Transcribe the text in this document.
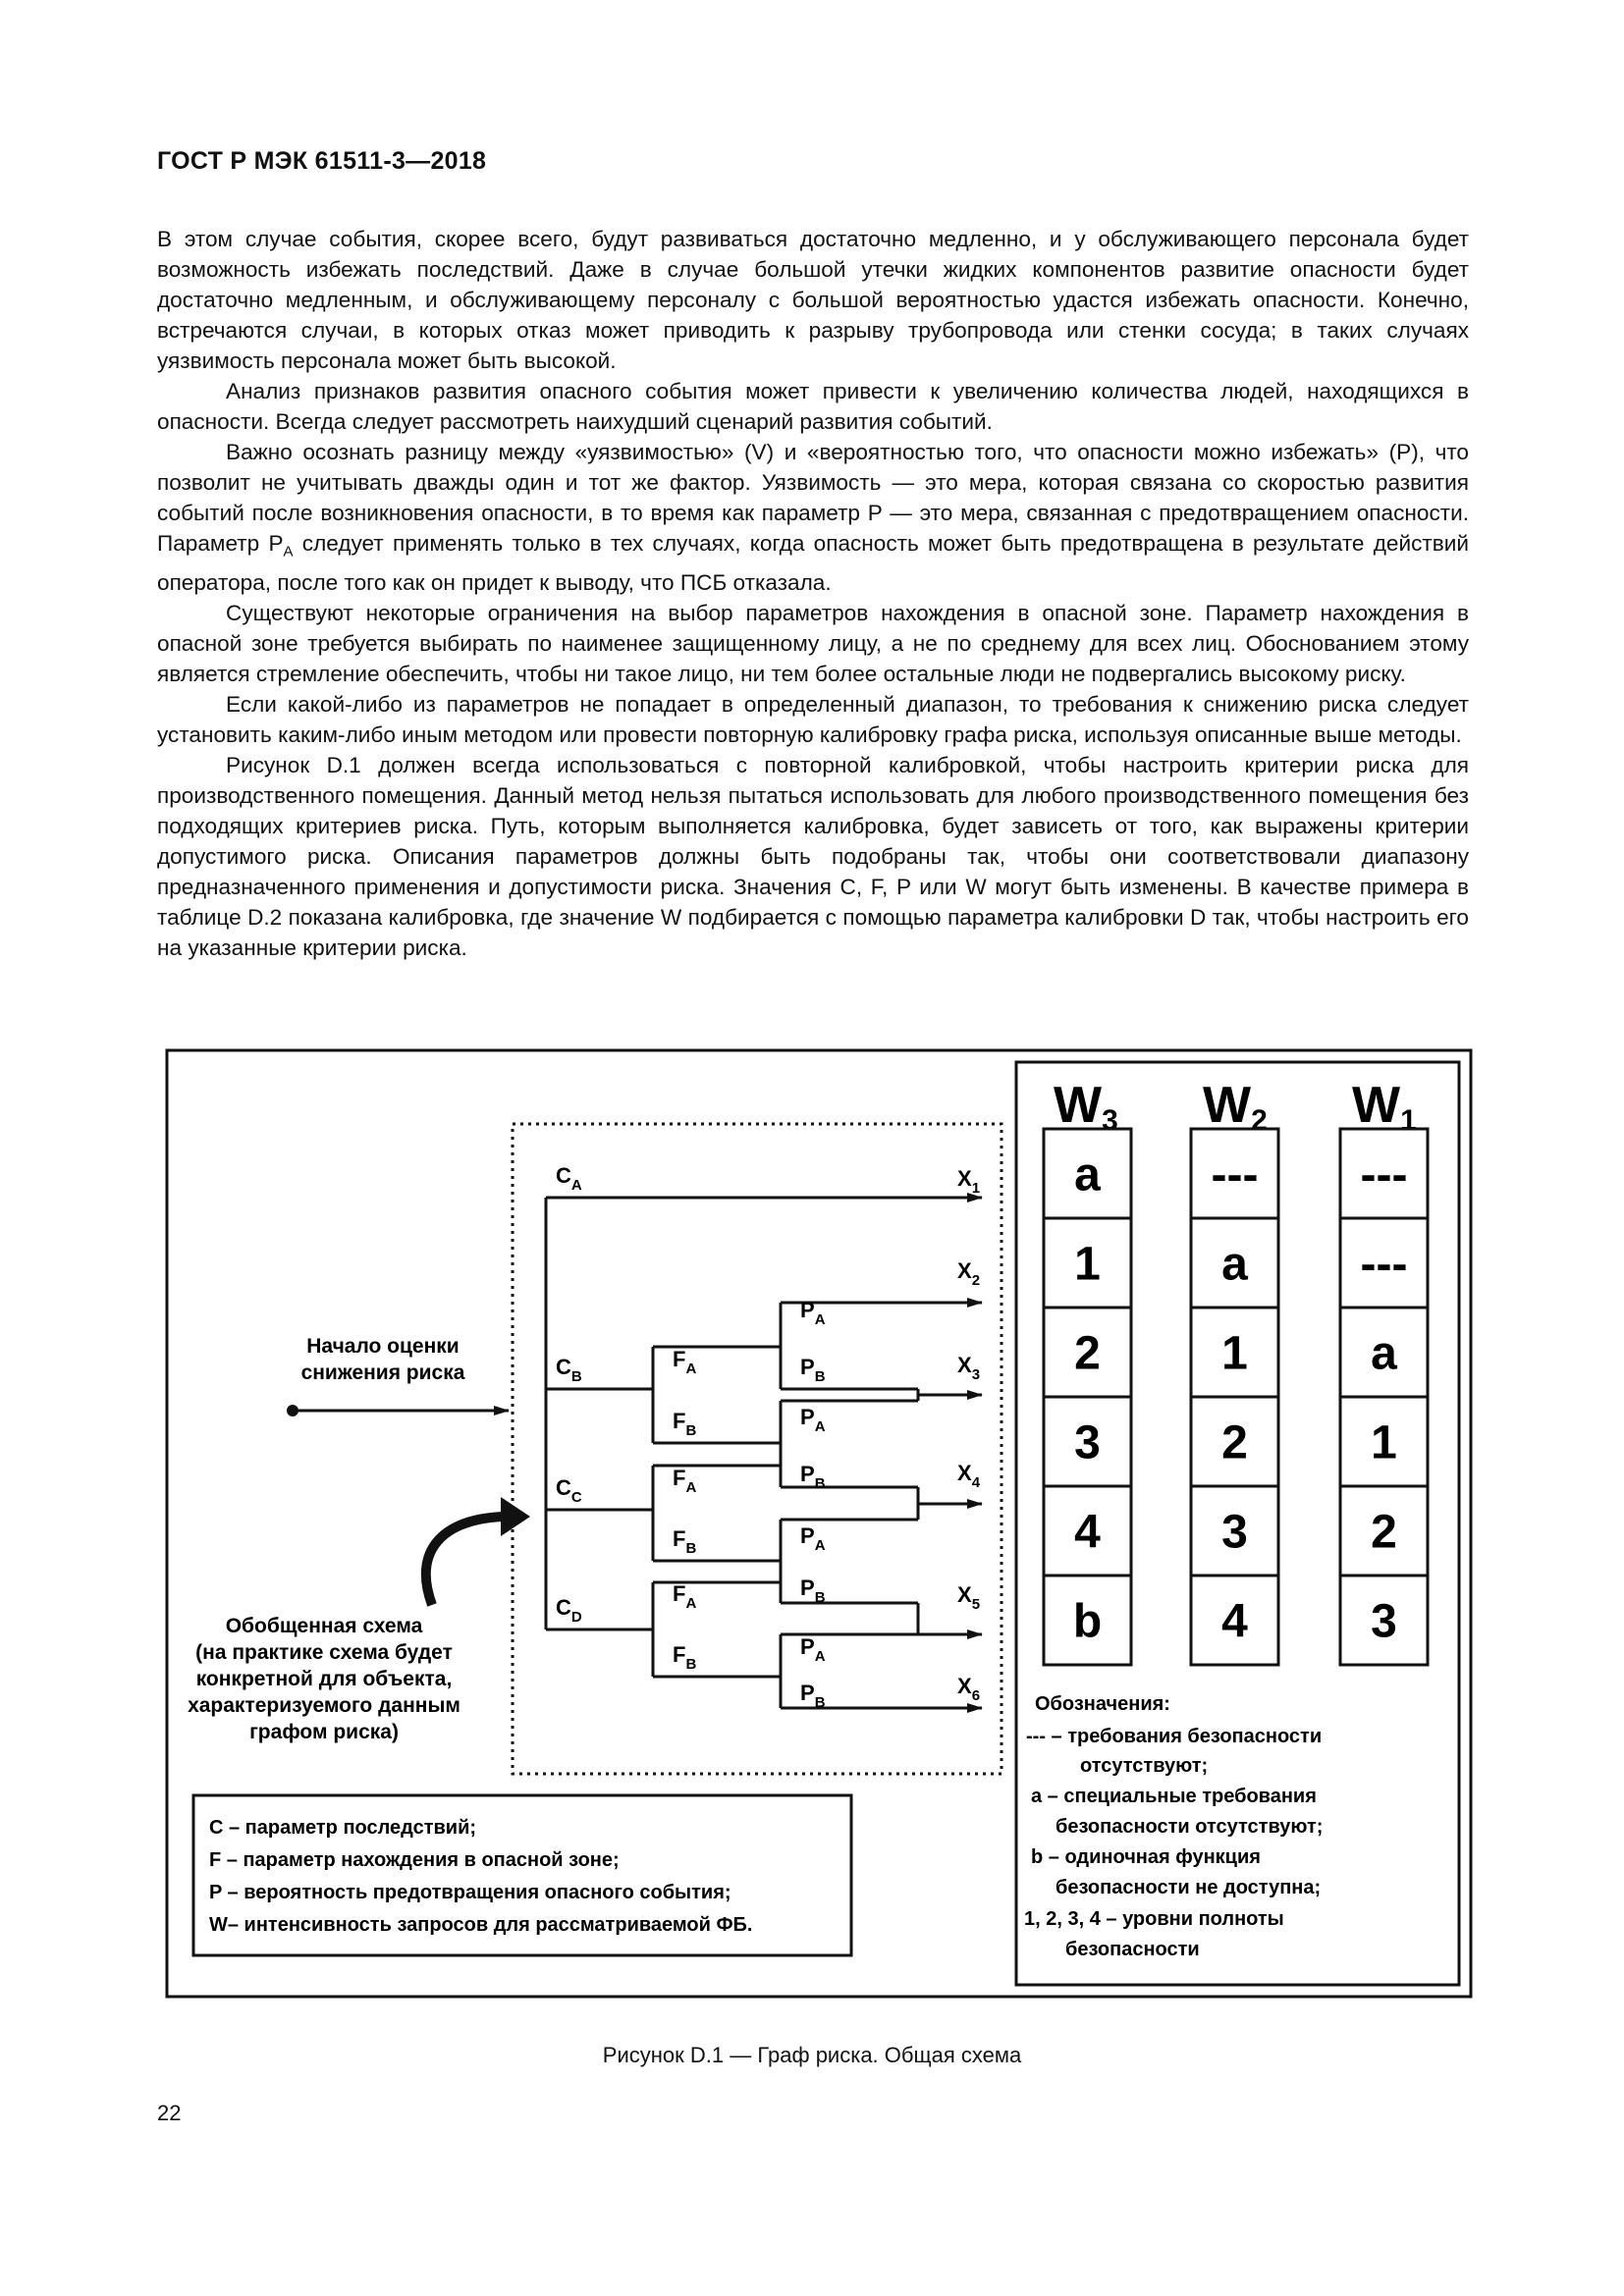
ГОСТ Р МЭК 61511-3—2018

В этом случае события, скорее всего, будут развиваться достаточно медленно, и у обслуживающего персонала будет возможность избежать последствий. Даже в случае большой утечки жидких компонентов развитие опасности будет достаточно медленным, и обслуживающему персоналу с большой вероятностью удастся избежать опасности. Конечно, встречаются случаи, в которых отказ может приводить к разрыву трубопровода или стенки сосуда; в таких случаях уязвимость персонала может быть высокой.

Анализ признаков развития опасного события может привести к увеличению количества людей, находящихся в опасности. Всегда следует рассмотреть наихудший сценарий развития событий.

Важно осознать разницу между «уязвимостью» (V) и «вероятностью того, что опасности можно избежать» (P), что позволит не учитывать дважды один и тот же фактор. Уязвимость — это мера, которая связана со скоростью развития событий после возникновения опасности, в то время как параметр P — это мера, связанная с предотвращением опасности. Параметр $P_A$ следует применять только в тех случаях, когда опасность может быть предотвращена в результате действий оператора, после того как он придет к выводу, что ПСБ отказала.

Существуют некоторые ограничения на выбор параметров нахождения в опасной зоне. Параметр нахождения в опасной зоне требуется выбирать по наименее защищенному лицу, а не по среднему для всех лиц. Обоснованием этому является стремление обеспечить, чтобы ни такое лицо, ни тем более остальные люди не подвергались высокому риску.

Если какой-либо из параметров не попадает в определенный диапазон, то требования к снижению риска следует установить каким-либо иным методом или провести повторную калибровку графа риска, используя описанные выше методы.

Рисунок D.1 должен всегда использоваться с повторной калибровкой, чтобы настроить критерии риска для производственного помещения. Данный метод нельзя пытаться использовать для любого производственного помещения без подходящих критериев риска. Путь, которым выполняется калибровка, будет зависеть от того, как выражены критерии допустимого риска. Описания параметров должны быть подобраны так, чтобы они соответствовали диапазону предназначенного применения и допустимости риска. Значения C, F, P или W могут быть изменены. В качестве примера в таблице D.2 показана калибровка, где значение W подбирается с помощью параметра калибровки D так, чтобы настроить его на указанные критерии риска.

Начало оценки
снижения риска
Обобщенная схема
(на практике схема будет
конкретной для объекта,
характеризуемого данным
графом риска)
$C_A$
$C_B$
$C_C$
$C_D$
$F_A$
$F_B$
$F_A$
$F_B$
$F_A$
$F_B$
$P_A$
$P_B$
$P_A$
$P_B$
$P_A$
$P_B$
$P_A$
$P_B$
$X_1$
$X_2$
$X_3$
$X_4$
$X_5$
$X_6$
C – параметр последствий;
F – параметр нахождения в опасной зоне;
P – вероятность предотвращения опасного события;
W– интенсивность запросов для рассматриваемой ФБ.
W3 W2 W1
a
1
2
3
4
b
---
a
1
2
3
4
---
---
a
1
2
3
Обозначения:
--- – требования безопасности
отсутствуют;
a – специальные требования
безопасности отсутствуют;
b – одиночная функция
безопасности не доступна;
1, 2, 3, 4 – уровни полноты
безопасности
Рисунок D.1 — Граф риска. Общая схема
22
